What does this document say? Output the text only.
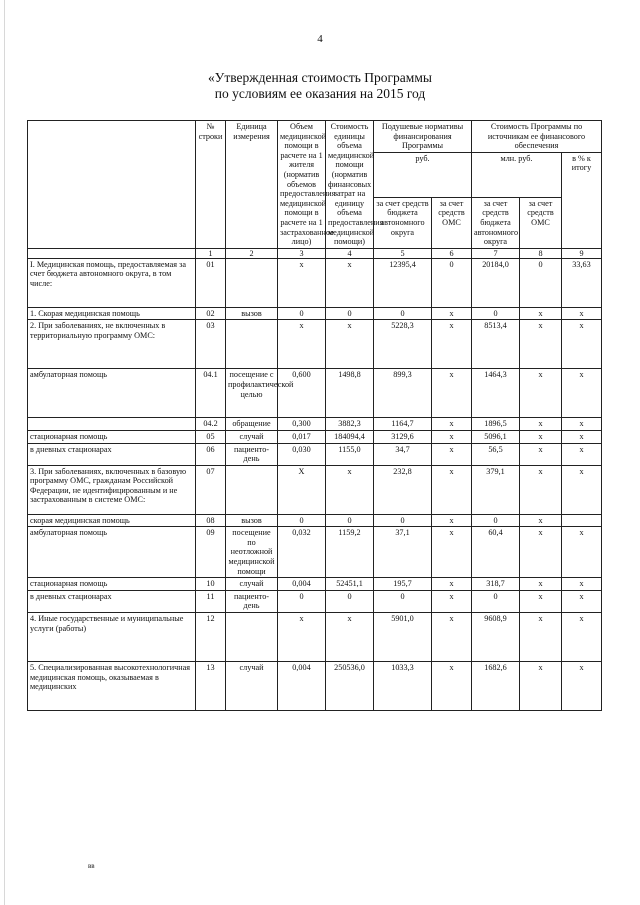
4
«Утвержденная стоимость Программы
по условиям ее оказания на 2015 год
	№ строки	Единица измерения	Объем медицинской помощи в расчете на 1 жителя (норматив объемов предоставления медицинской помощи в расчете на 1 застрахованное лицо)	Стоимость единицы объема медицинской помощи (норматив финансовых затрат на единицу объема предоставления медицинской помощи)	Подушевые нормативы финансирования Программы		Стоимость Программы по источникам ее финансового обеспечения		
					руб.		млн. руб.		в % к итогу
					за счет средств бюджета автономного округа	за счет средств ОМС	за счет средств бюджета автономного округа	за счет средств ОМС	
	1	2	3	4	5	6	7	8	9
I. Медицинская помощь, предоставляемая за счет бюджета автономного округа, в том числе:	01		х	х	12395,4	0	20184,0	0	33,63
1. Скорая медицинская помощь	02	вызов	0	0	0	х	0	х	х
2. При заболеваниях, не включенных в территориальную программу ОМС:	03		х	х	5228,3	х	8513,4	х	х
амбулаторная помощь	04.1	посещение с профилактической целью	0,600	1498,8	899,3	х	1464,3	х	х
	04.2	обращение	0,300	3882,3	1164,7	х	1896,5	х	х
стационарная помощь	05	случай	0,017	184094,4	3129,6	х	5096,1	х	х
в дневных стационарах	06	пациенто-день	0,030	1155,0	34,7	х	56,5	х	х
3. При заболеваниях, включенных в базовую программу ОМС, гражданам Российской Федерации, не идентифицированным и не застрахованным в системе ОМС:	07		Х	х	232,8	х	379,1	х	х
скорая медицинская помощь	08	вызов	0	0	0	х	0	х	
амбулаторная помощь	09	посещение по неотложной медицинской помощи	0,032	1159,2	37,1	х	60,4	х	х
стационарная помощь	10	случай	0,004	52451,1	195,7	х	318,7	х	х
в дневных стационарах	11	пациенто-день	0	0	0	х	0	х	х
4. Иные государственные и муниципальные услуги (работы)	12		х	х	5901,0	х	9608,9	х	х
5. Специализированная высокотехнологичная медицинская помощь, оказываемая в медицинских	13	случай	0,004	250536,0	1033,3	х	1682,6	х	х
вв
